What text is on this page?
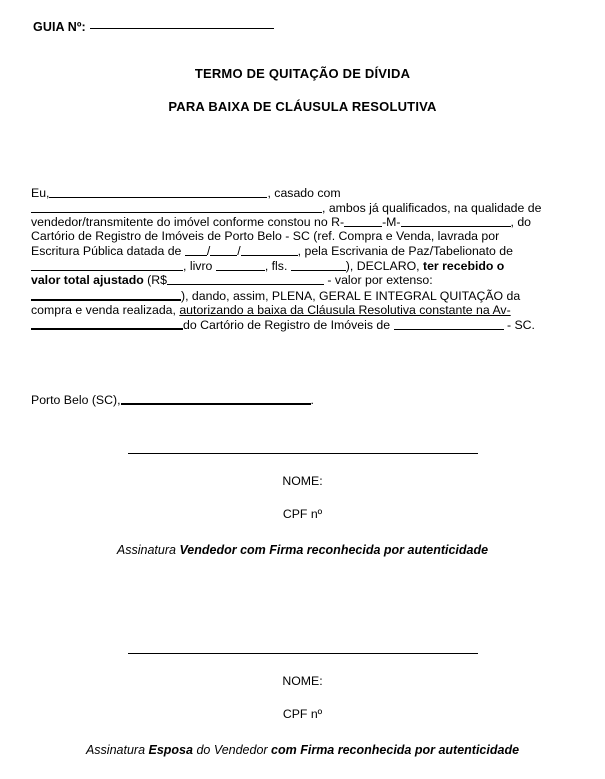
GUIA Nº:
TERMO DE QUITAÇÃO DE DÍVIDA
PARA BAIXA DE CLÁUSULA RESOLUTIVA
Eu,	, casado com
, ambos já qualificados, na qualidade de
vendedor/transmitente do imóvel conforme constou no R-	-M-	, do
Cartório de Registro de Imóveis de Porto Belo - SC (ref. Compra e Venda, lavrada por
Escritura Pública datada de / /	, pela Escrivania de Paz/Tabelionato de
, livro	, fls.	), DECLARO, ter recebido o
valor total ajustado (R$	- valor por extenso:
), dando, assim, PLENA, GERAL E INTEGRAL QUITAÇÃO da
compra e venda realizada, autorizando a baixa da Cláusula Resolutiva constante na Av-
do Cartório de Registro de Imóveis de	- SC.
Porto Belo (SC),	.
NOME:
CPF nº
Assinatura Vendedor com Firma reconhecida por autenticidade
NOME:
CPF nº
Assinatura Esposa do Vendedor com Firma reconhecida por autenticidade
